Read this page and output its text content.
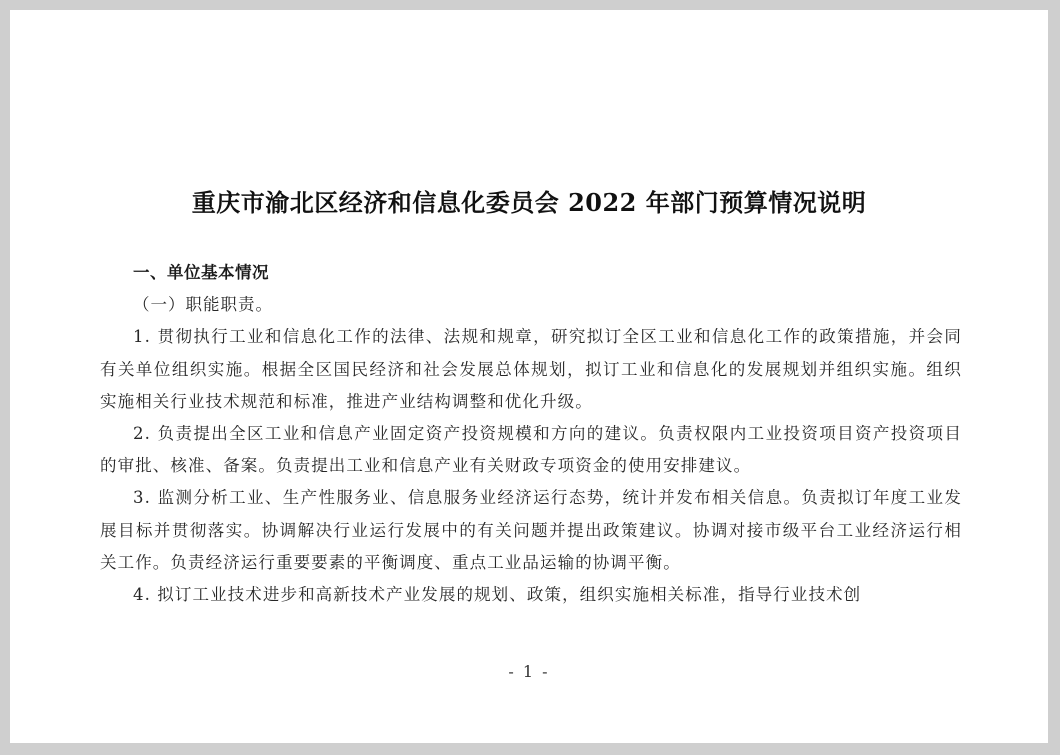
重庆市渝北区经济和信息化委员会 2022 年部门预算情况说明

一、单位基本情况

（一）职能职责。

1. 贯彻执行工业和信息化工作的法律、法规和规章，研究拟订全区工业和信息化工作的政策措施，并会同有关单位组织实施。根据全区国民经济和社会发展总体规划，拟订工业和信息化的发展规划并组织实施。组织实施相关行业技术规范和标准，推进产业结构调整和优化升级。

2. 负责提出全区工业和信息产业固定资产投资规模和方向的建议。负责权限内工业投资项目资产投资项目的审批、核准、备案。负责提出工业和信息产业有关财政专项资金的使用安排建议。

3. 监测分析工业、生产性服务业、信息服务业经济运行态势，统计并发布相关信息。负责拟订年度工业发展目标并贯彻落实。协调解决行业运行发展中的有关问题并提出政策建议。协调对接市级平台工业经济运行相关工作。负责经济运行重要要素的平衡调度、重点工业品运输的协调平衡。

4. 拟订工业技术进步和高新技术产业发展的规划、政策，组织实施相关标准，指导行业技术创

- 1 -
